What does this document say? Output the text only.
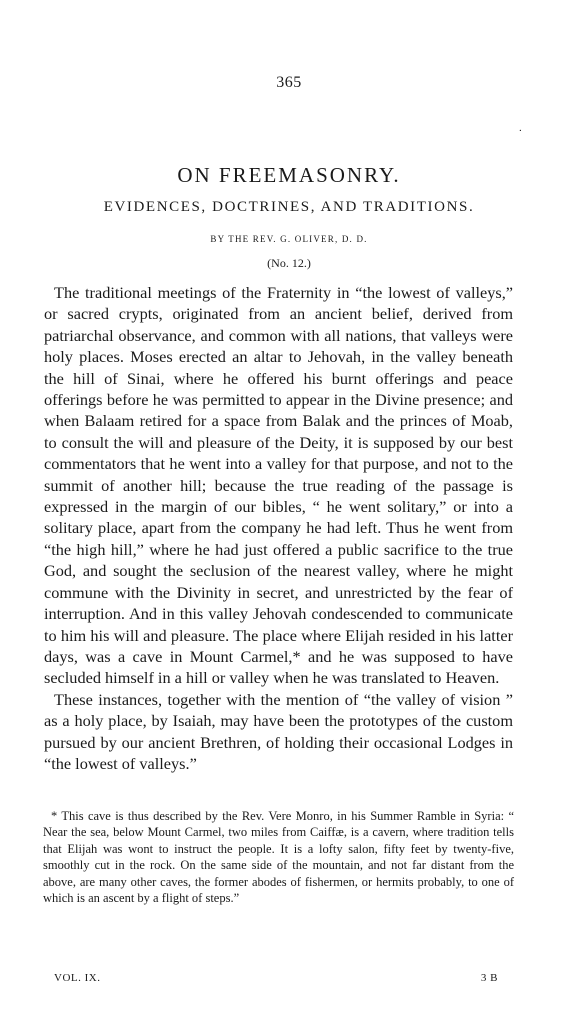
365
.
ON FREEMASONRY.
EVIDENCES, DOCTRINES, AND TRADITIONS.
BY THE REV. G. OLIVER, D. D.
(No. 12.)

The traditional meetings of the Fraternity in “the lowest of valleys,” or sacred crypts, originated from an ancient belief, derived from patriarchal observance, and common with all nations, that valleys were holy places. Moses erected an altar to Jehovah, in the valley beneath the hill of Sinai, where he offered his burnt offerings and peace offerings before he was permitted to appear in the Divine presence; and when Balaam retired for a space from Balak and the princes of Moab, to consult the will and pleasure of the Deity, it is supposed by our best commentators that he went into a valley for that purpose, and not to the summit of another hill; because the true reading of the passage is expressed in the margin of our bibles, “ he went solitary,” or into a solitary place, apart from the company he had left. Thus he went from “the high hill,” where he had just offered a public sacrifice to the true God, and sought the seclusion of the nearest valley, where he might commune with the Divinity in secret, and unrestricted by the fear of interruption. And in this valley Jehovah condescended to communicate to him his will and pleasure. The place where Elijah resided in his latter days, was a cave in Mount Carmel,* and he was supposed to have secluded himself in a hill or valley when he was translated to Heaven.

These instances, together with the mention of “the valley of vision ” as a holy place, by Isaiah, may have been the prototypes of the custom pursued by our ancient Brethren, of holding their occasional Lodges in “the lowest of valleys.”

* This cave is thus described by the Rev. Vere Monro, in his Summer Ramble in Syria: “ Near the sea, below Mount Carmel, two miles from Caiffæ, is a cavern, where tradition tells that Elijah was wont to instruct the people. It is a lofty salon, fifty feet by twenty-five, smoothly cut in the rock. On the same side of the mountain, and not far distant from the above, are many other caves, the former abodes of fishermen, or hermits probably, to one of which is an ascent by a flight of steps.”

VOL. IX.	3 B
